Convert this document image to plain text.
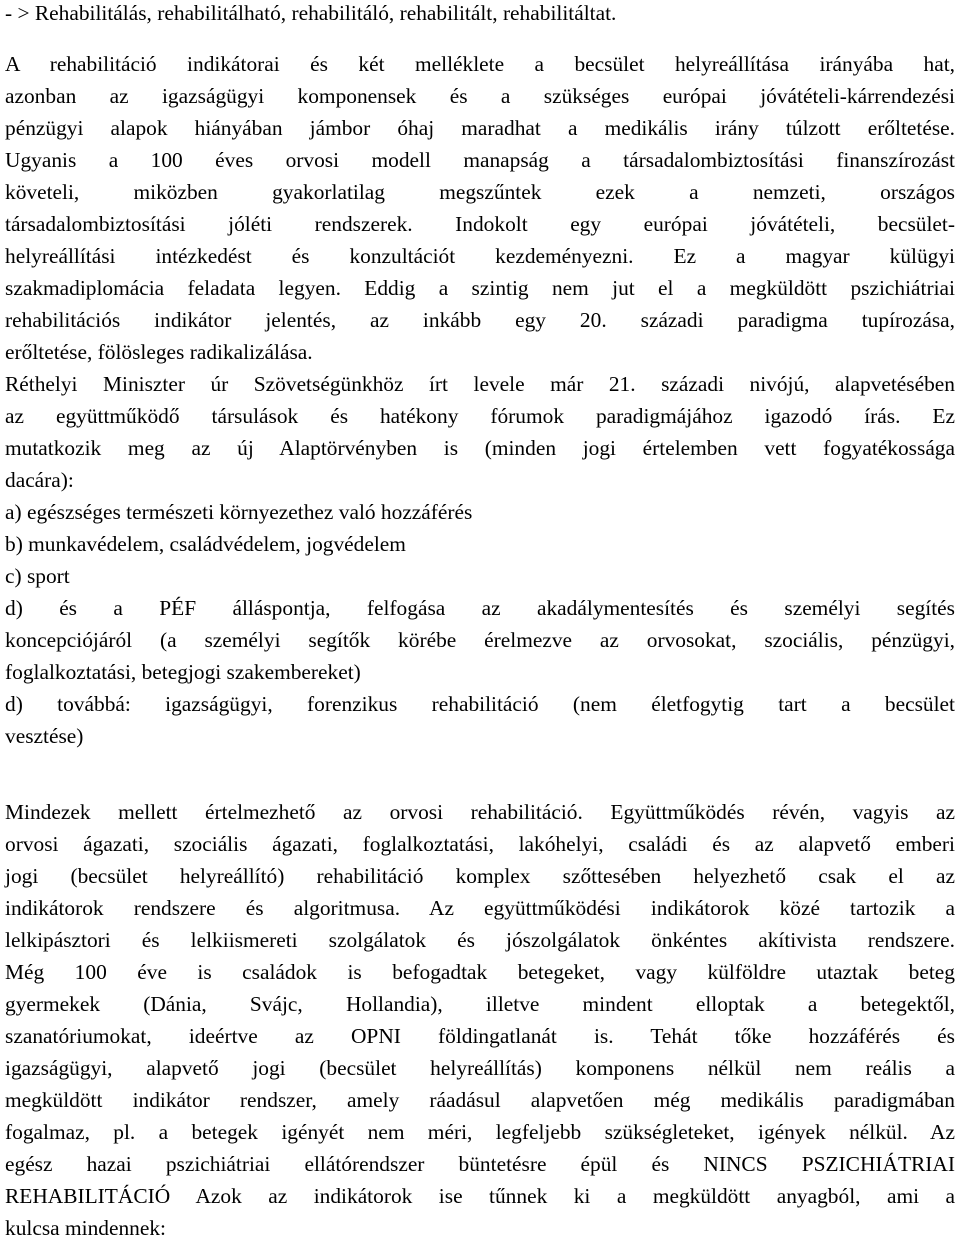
- > Rehabilitálás, rehabilitálható, rehabilitáló, rehabilitált, rehabilitáltat.
A rehabilitáció indikátorai és két melléklete a becsület helyreállítása irányába hat,
azonban az igazságügyi komponensek és a szükséges európai jóvátételi-kárrendezési
pénzügyi alapok hiányában jámbor óhaj maradhat a medikális irány túlzott erőltetése.
Ugyanis a 100 éves orvosi modell manapság a társadalombiztosítási finanszírozást
követeli, miközben gyakorlatilag megszűntek ezek a nemzeti, országos
társadalombiztosítási jóléti rendszerek. Indokolt egy európai jóvátételi, becsület-
helyreállítási intézkedést és konzultációt kezdeményezni. Ez a magyar külügyi
szakmadiplomácia feladata legyen. Eddig a szintig nem jut el a megküldött pszichiátriai
rehabilitációs indikátor jelentés, az inkább egy 20. századi paradigma tupírozása,
erőltetése, fölösleges radikalizálása.
Réthelyi Miniszter úr Szövetségünkhöz írt levele már 21. századi nivójú, alapvetésében
az együttműködő társulások és hatékony fórumok paradigmájához igazodó írás. Ez
mutatkozik meg az új Alaptörvényben is (minden jogi értelemben vett fogyatékossága
dacára):
a) egészséges természeti környezethez való hozzáférés
b) munkavédelem, családvédelem, jogvédelem
c) sport
d) és a PÉF álláspontja, felfogása az akadálymentesítés és személyi segítés
koncepciójáról (a személyi segítők körébe érelmezve az orvosokat, szociális, pénzügyi,
foglalkoztatási, betegjogi szakembereket)
d) továbbá: igazságügyi, forenzikus rehabilitáció (nem életfogytig tart a becsület
vesztése)
Mindezek mellett értelmezhető az orvosi rehabilitáció. Együttműködés révén, vagyis az
orvosi ágazati, szociális ágazati, foglalkoztatási, lakóhelyi, családi és az alapvető emberi
jogi (becsület helyreállító) rehabilitáció komplex szőttesében helyezhető csak el az
indikátorok rendszere és algoritmusa. Az együttműködési indikátorok közé tartozik a
lelkipásztori és lelkiismereti szolgálatok és jószolgálatok önkéntes akítivista rendszere.
Még 100 éve is családok is befogadtak betegeket, vagy külföldre utaztak beteg
gyermekek (Dánia, Svájc, Hollandia), illetve mindent elloptak a betegektől,
szanatóriumokat, ideértve az OPNI földingatlanát is. Tehát tőke hozzáférés és
igazságügyi, alapvető jogi (becsület helyreállítás) komponens nélkül nem reális a
megküldött indikátor rendszer, amely ráadásul alapvetően még medikális paradigmában
fogalmaz, pl. a betegek igényét nem méri, legfeljebb szükségleteket, igények nélkül. Az
egész hazai pszichiátriai ellátórendszer büntetésre épül és NINCS PSZICHIÁTRIAI
REHABILITÁCIÓ Azok az indikátorok ise tűnnek ki a megküldött anyagból, ami a
kulcsa mindennek:
